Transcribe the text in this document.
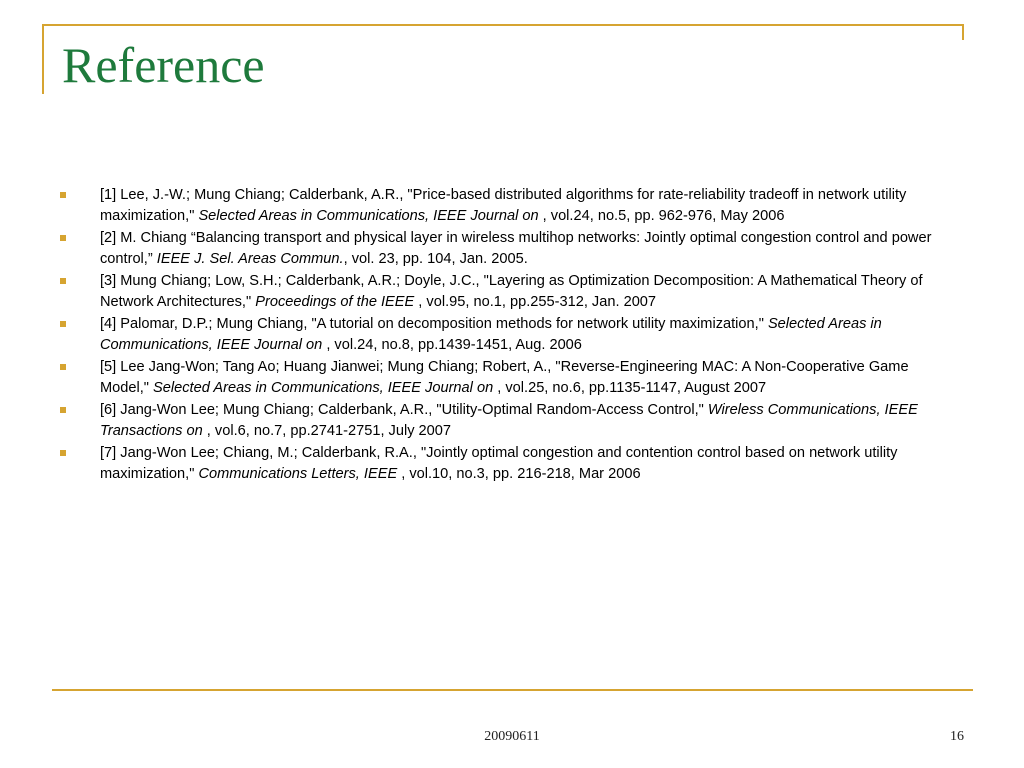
Reference
[1] Lee, J.-W.; Mung Chiang; Calderbank, A.R., "Price-based distributed algorithms for rate-reliability tradeoff in network utility maximization," Selected Areas in Communications, IEEE Journal on , vol.24, no.5, pp. 962-976, May 2006
[2] M. Chiang “Balancing transport and physical layer in wireless multihop networks: Jointly optimal congestion control and power control,” IEEE J. Sel. Areas Commun., vol. 23, pp. 104, Jan. 2005.
[3] Mung Chiang; Low, S.H.; Calderbank, A.R.; Doyle, J.C., "Layering as Optimization Decomposition: A Mathematical Theory of Network Architectures," Proceedings of the IEEE , vol.95, no.1, pp.255-312, Jan. 2007
[4] Palomar, D.P.; Mung Chiang, "A tutorial on decomposition methods for network utility maximization," Selected Areas in Communications, IEEE Journal on , vol.24, no.8, pp.1439-1451, Aug. 2006
[5] Lee Jang-Won; Tang Ao; Huang Jianwei; Mung Chiang; Robert, A., "Reverse-Engineering MAC: A Non-Cooperative Game Model," Selected Areas in Communications, IEEE Journal on , vol.25, no.6, pp.1135-1147, August 2007
[6] Jang-Won Lee; Mung Chiang; Calderbank, A.R., "Utility-Optimal Random-Access Control," Wireless Communications, IEEE Transactions on , vol.6, no.7, pp.2741-2751, July 2007
[7] Jang-Won Lee; Chiang, M.; Calderbank, R.A., "Jointly optimal congestion and contention control based on network utility maximization," Communications Letters, IEEE , vol.10, no.3, pp. 216-218, Mar 2006
20090611	16
